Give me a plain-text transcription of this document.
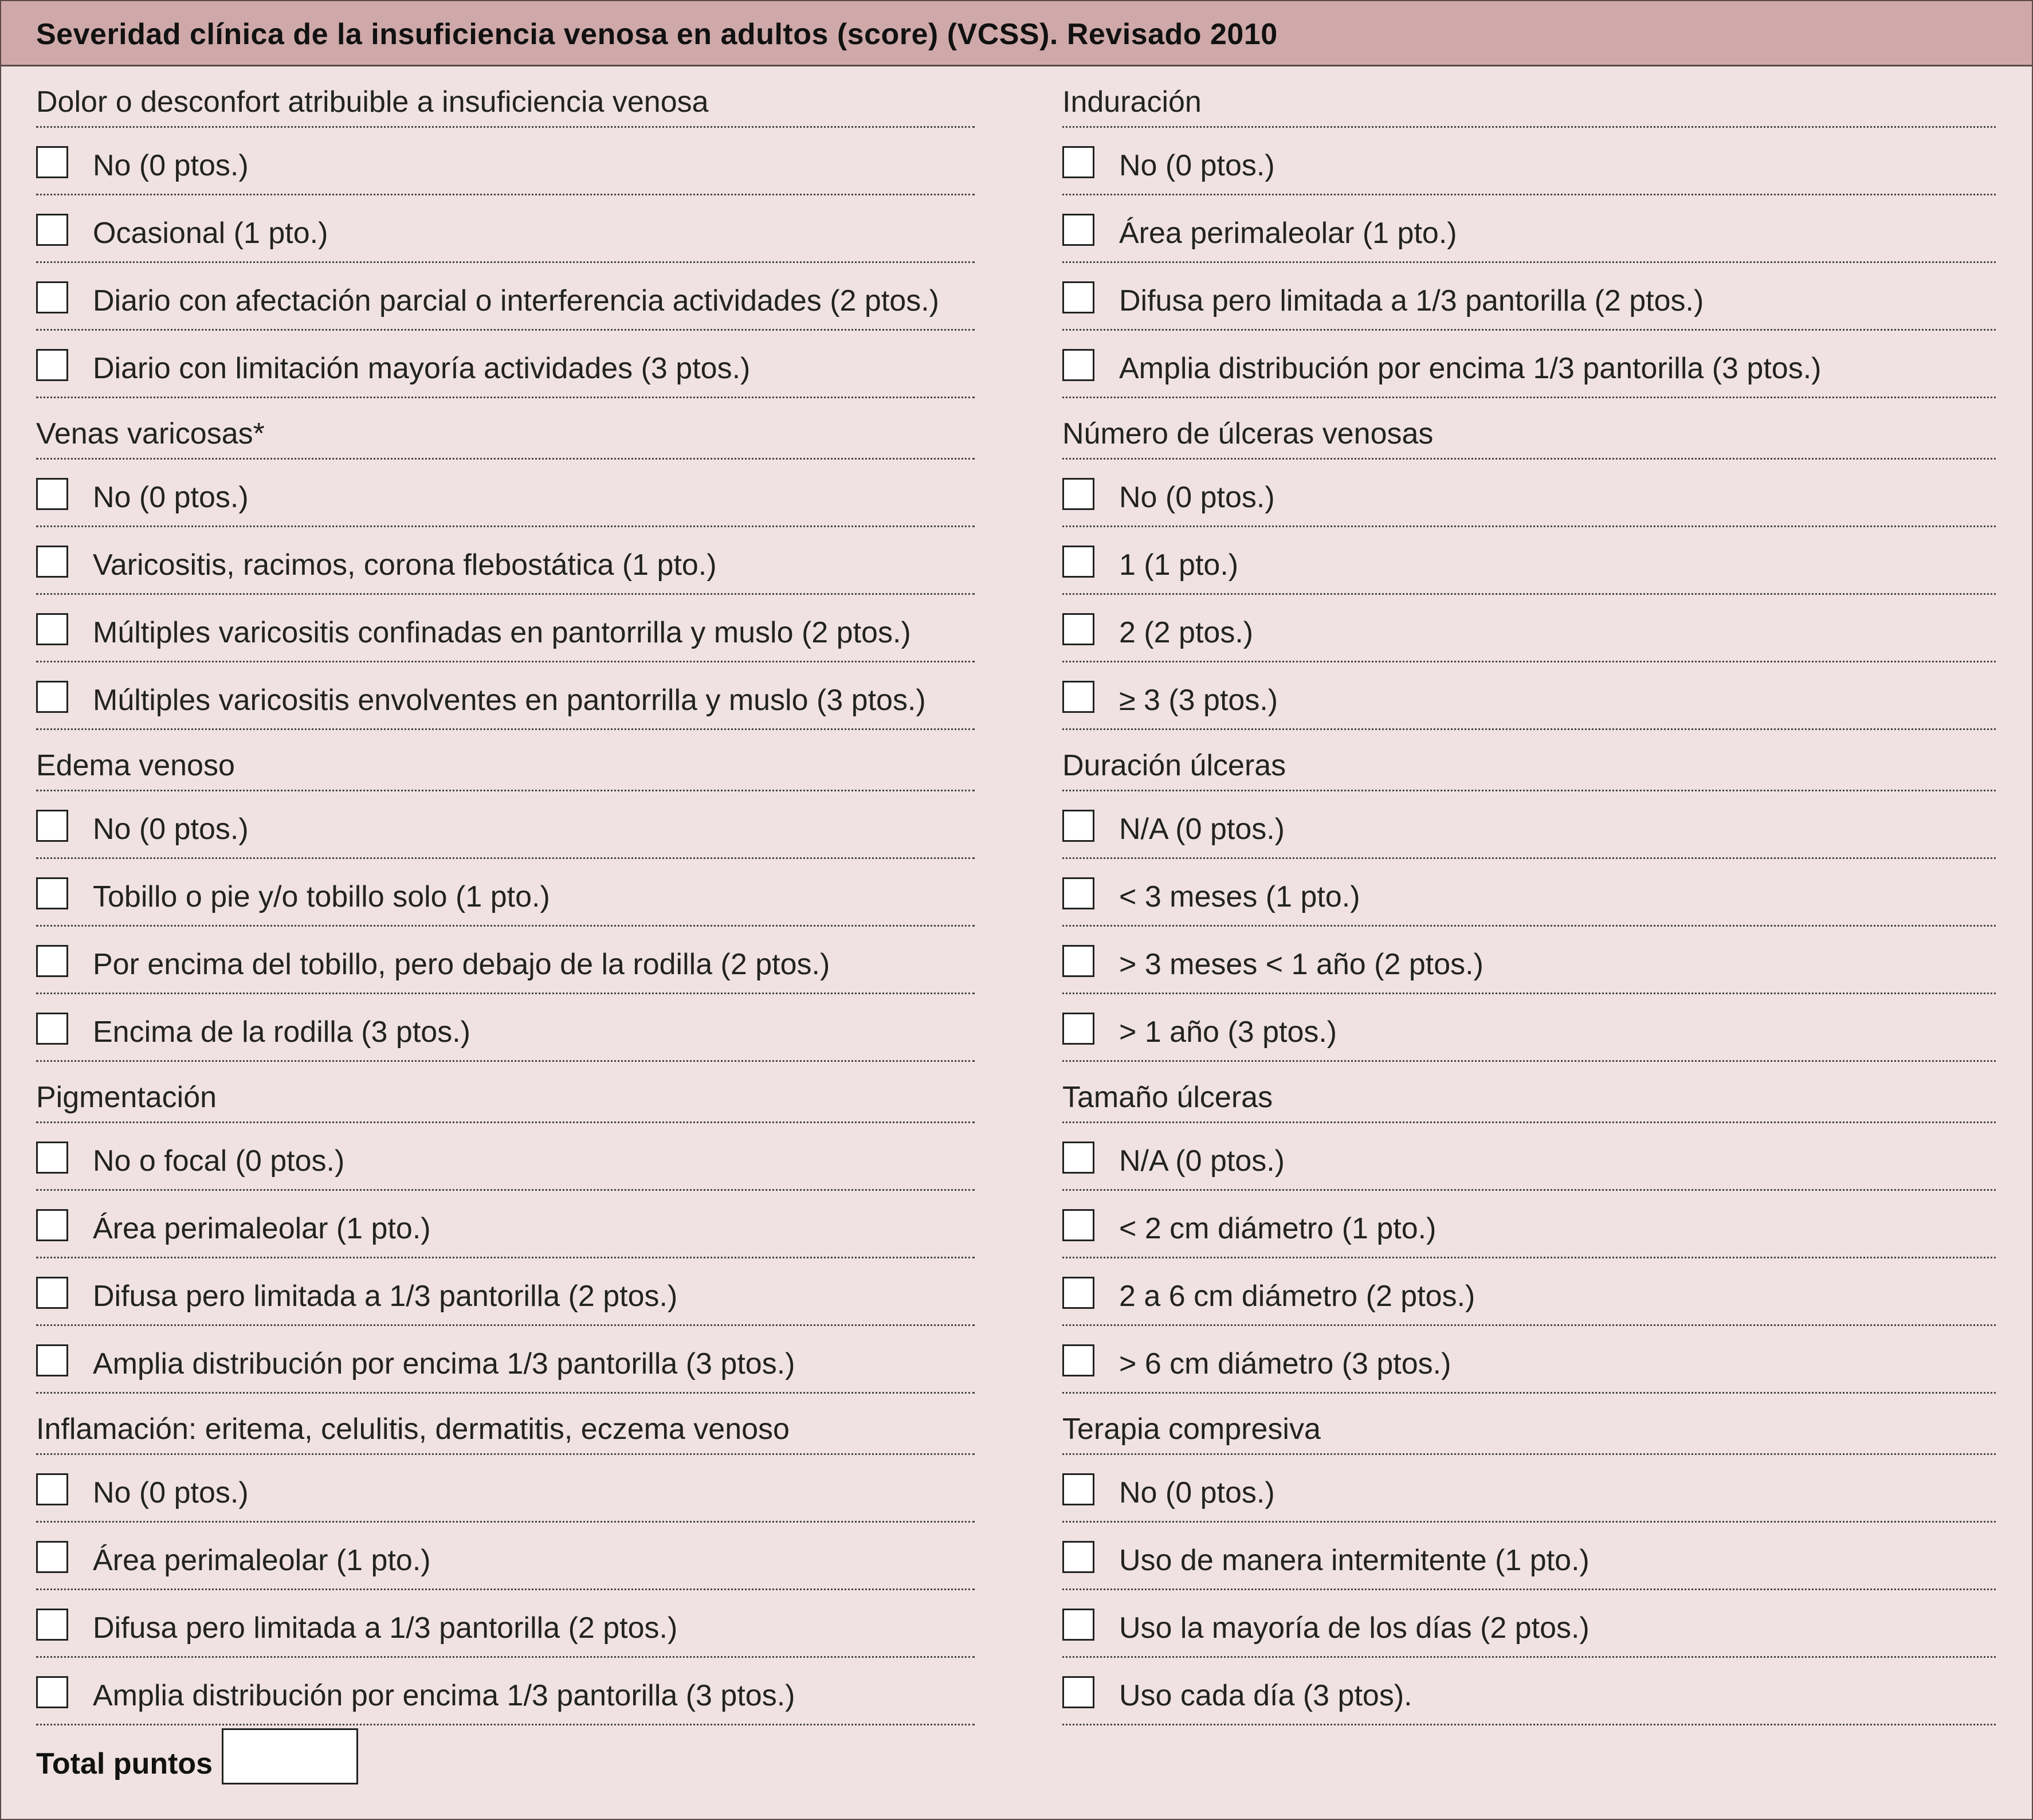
Severidad clínica de la insuficiencia venosa en adultos (score) (VCSS). Revisado 2010
Dolor o desconfort atribuible a insuficiencia venosa
No (0 ptos.)
Ocasional (1 pto.)
Diario con afectación parcial o interferencia actividades (2 ptos.)
Diario con limitación mayoría actividades (3 ptos.)
Venas varicosas*
No (0 ptos.)
Varicositis, racimos, corona flebostática (1 pto.)
Múltiples varicositis confinadas en pantorrilla y muslo (2 ptos.)
Múltiples varicositis envolventes en pantorrilla y muslo (3 ptos.)
Edema venoso
No (0 ptos.)
Tobillo o pie y/o tobillo solo (1 pto.)
Por encima del tobillo, pero debajo de la rodilla (2 ptos.)
Encima de la rodilla (3 ptos.)
Pigmentación
No o focal (0 ptos.)
Área perimaleolar (1 pto.)
Difusa pero limitada a 1/3 pantorilla (2 ptos.)
Amplia distribución por encima 1/3 pantorilla (3 ptos.)
Inflamación: eritema, celulitis, dermatitis, eczema venoso
No (0 ptos.)
Área perimaleolar (1 pto.)
Difusa pero limitada a 1/3 pantorilla (2 ptos.)
Amplia distribución por encima 1/3 pantorilla (3 ptos.)
Induración
No (0 ptos.)
Área perimaleolar (1 pto.)
Difusa pero limitada a 1/3 pantorilla (2 ptos.)
Amplia distribución por encima 1/3 pantorilla (3 ptos.)
Número de úlceras venosas
No (0 ptos.)
1 (1 pto.)
2 (2 ptos.)
≥ 3 (3 ptos.)
Duración úlceras
N/A (0 ptos.)
< 3 meses (1 pto.)
> 3 meses < 1 año (2 ptos.)
> 1 año (3 ptos.)
Tamaño úlceras
N/A (0 ptos.)
< 2 cm diámetro (1 pto.)
2 a 6 cm diámetro (2 ptos.)
> 6 cm diámetro (3 ptos.)
Terapia compresiva
No (0 ptos.)
Uso de manera intermitente (1 pto.)
Uso la mayoría de los días (2 ptos.)
Uso cada día (3 ptos).
Total puntos
